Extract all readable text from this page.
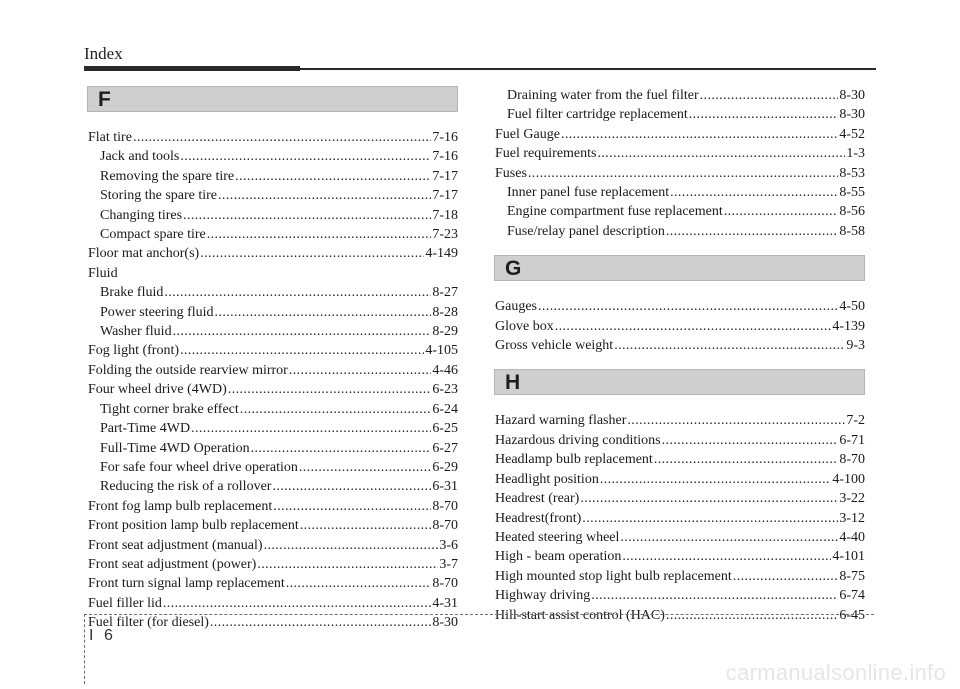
Index
F
Flat tire .....	7-16
Jack and tools .....	7-16
Removing the spare tire .....	7-17
Storing the spare tire .....	7-17
Changing tires .....	7-18
Compact spare tire .....	7-23
Floor mat anchor(s) .....	4-149
Fluid
Brake fluid .....	8-27
Power steering fluid .....	8-28
Washer fluid .....	8-29
Fog light (front) .....	4-105
Folding the outside rearview mirror .....	4-46
Four wheel drive (4WD) .....	6-23
Tight corner brake effect .....	6-24
Part-Time 4WD .....	6-25
Full-Time 4WD Operation .....	6-27
For safe four wheel drive operation .....	6-29
Reducing the risk of a rollover .....	6-31
Front fog lamp bulb replacement .....	8-70
Front position lamp bulb replacement .....	8-70
Front seat adjustment (manual) .....	3-6
Front seat adjustment (power) .....	3-7
Front turn signal lamp replacement .....	8-70
Fuel filler lid .....	4-31
Fuel filter (for diesel) .....	8-30
Draining water from the fuel filter .....	8-30
Fuel filter cartridge replacement .....	8-30
Fuel Gauge .....	4-52
Fuel requirements .....	1-3
Fuses .....	8-53
Inner panel fuse replacement .....	8-55
Engine compartment fuse replacement .....	8-56
Fuse/relay panel description .....	8-58
G
Gauges .....	4-50
Glove box .....	4-139
Gross vehicle weight .....	9-3
H
Hazard warning flasher .....	7-2
Hazardous driving conditions .....	6-71
Headlamp bulb replacement .....	8-70
Headlight position .....	4-100
Headrest (rear) .....	3-22
Headrest(front) .....	3-12
Heated steering wheel .....	4-40
High - beam operation .....	4-101
High mounted stop light bulb replacement .....	8-75
Highway driving .....	6-74
Hill-start assist control (HAC) .....	6-45
I 6
carmanualsonline.info
